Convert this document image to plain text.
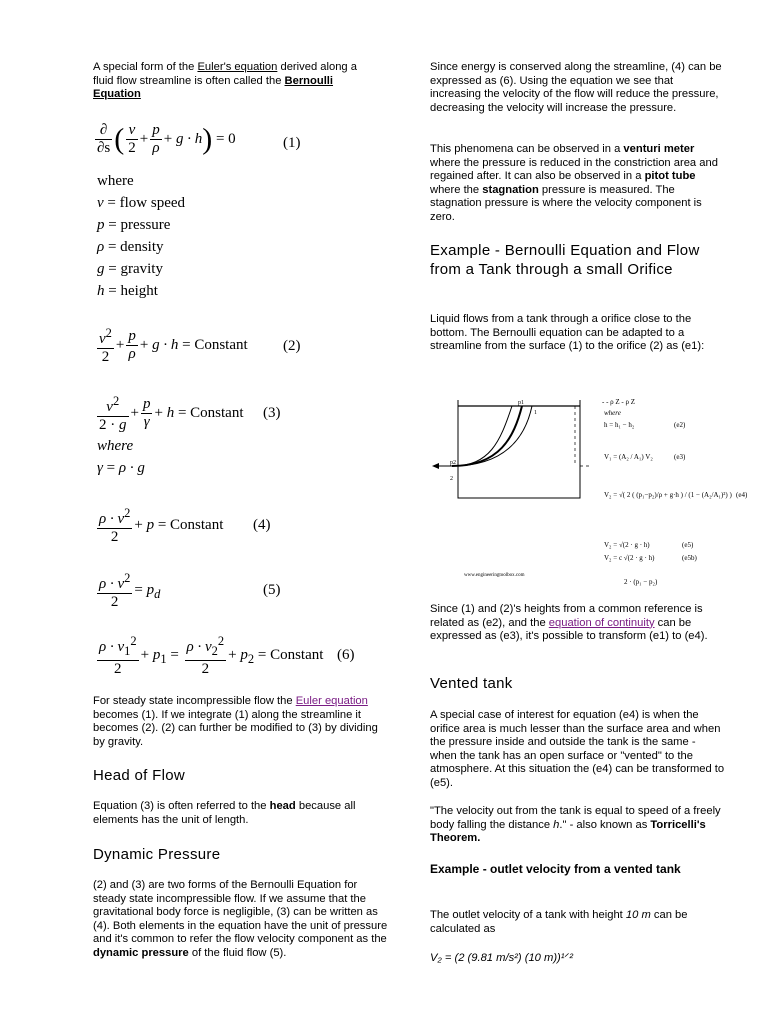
A special form of the Euler's equation derived along a fluid flow streamline is often called the Bernoulli Equation

$\frac{\partial}{\partial s}$ ( $\frac{v}{2} + \frac{p}{\rho} + g \cdot h) = 0$	(1)
where
v = flow speed
p = pressure
ρ = density
g = gravity
h = height
$\frac{v^2}{2} + \frac{p}{\rho} + g \cdot h$ = Constant (2)
$\frac{v^2}{2 \cdot g} + \frac{p}{\gamma} + h$ = Constant (3)
where
γ = ρ · g
$\frac{\rho \cdot v^2}{2} + p$ = Constant (4)
$\frac{\rho \cdot v^2}{2} = p_d$	(5)
$\frac{\rho \cdot v_1^2}{2} + p_1 = \frac{\rho \cdot v_2^2}{2} + p_2$ = Constant (6)

For steady state incompressible flow the Euler equation becomes (1). If we integrate (1) along the streamline it becomes (2). (2) can further be modified to (3) by dividing by gravity.

Head of Flow

Equation (3) is often referred to the head because all elements has the unit of length.

Dynamic Pressure

(2) and (3) are two forms of the Bernoulli Equation for steady state incompressible flow. If we assume that the gravitational body force is negligible, (3) can be written as (4). Both elements in the equation have the unit of pressure and it's common to refer the flow velocity component as the dynamic pressure of the fluid flow (5).

Since energy is conserved along the streamline, (4) can be expressed as (6). Using the equation we see that increasing the velocity of the flow will reduce the pressure, decreasing the velocity will increase the pressure.

This phenomena can be observed in a venturi meter where the pressure is reduced in the constriction area and regained after. It can also be observed in a pitot tube where the stagnation pressure is measured. The stagnation pressure is where the velocity component is zero.

Example - Bernoulli Equation and Flow from a Tank through a small Orifice

Liquid flows from a tank through a orifice close to the bottom. The Bernoulli equation can be adapted to a streamline from the surface (1) to the orifice (2) as (e1):

Since (1) and (2)'s heights from a common reference is related as (e2), and the equation of continuity can be expressed as (e3), it's possible to transform (e1) to (e4).

Vented tank

A special case of interest for equation (e4) is when the orifice area is much lesser than the surface area and when the pressure inside and outside the tank is the same - when the tank has an open surface or "vented" to the atmosphere. At this situation the (e4) can be transformed to (e5).

"The velocity out from the tank is equal to speed of a freely body falling the distance h." - also known as Torricelli's Theorem.

Example - outlet velocity from a vented tank

The outlet velocity of a tank with height 10 m can be calculated as

V₂ = (2 (9.81 m/s²) (10 m))¹ᐟ²

p1
1
p2
2
- - ρ Z - ρ Z
where
h = h₁ − h₂	(e2)
V₁ = (A₂ / A₁) V₂	(e3)
V₂ = √( 2 ( (p₁−p₂)/ρ + g·h ) / (1 − (A₂/A₁)²) ) (e4)
V₂ = √(2 · g · h)	(e5)
V₂ = c √(2 · g · h)	(e5b)
2 · (p₁ − p₂)
www.engineeringtoolbox.com
